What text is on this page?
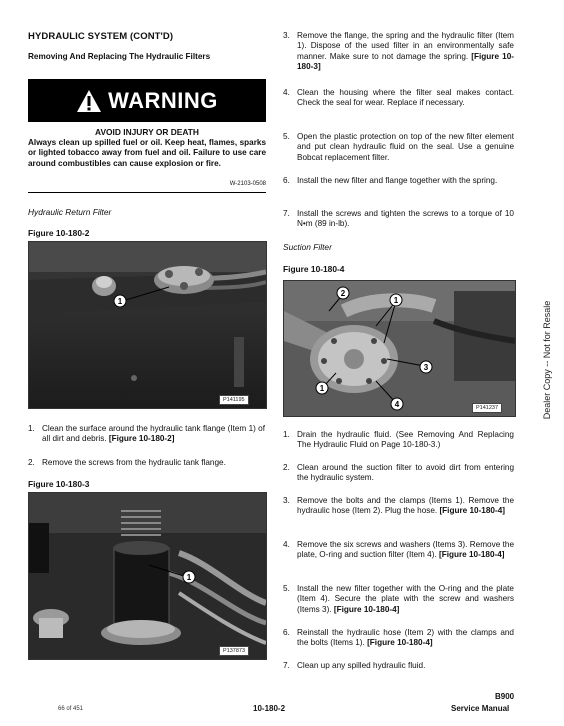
HYDRAULIC SYSTEM (CONT'D)
Removing And Replacing The Hydraulic Filters
WARNING
AVOID INJURY OR DEATH
Always clean up spilled fuel or oil. Keep heat, flames, sparks or lighted tobacco away from fuel and oil. Failure to use care around combustibles can cause explosion or fire.
W-2103-0508
Hydraulic Return Filter
Figure 10-180-2
1
P141195
1. Clean the surface around the hydraulic tank flange (Item 1) of all dirt and debris. [Figure 10-180-2]
2. Remove the screws from the hydraulic tank flange.
Figure 10-180-3
1
P137873
3. Remove the flange, the spring and the hydraulic filter (Item 1). Dispose of the used filter in an environmentally safe manner. Make sure to not damage the spring. [Figure 10-180-3]
4. Clean the housing where the filter seal makes contact. Check the seal for wear. Replace if necessary.
5. Open the plastic protection on top of the new filter element and put clean hydraulic fluid on the seal. Use a genuine Bobcat replacement filter.
6. Install the new filter and flange together with the spring.
7. Install the screws and tighten the screws to a torque of 10 N•m (89 in-lb).
Suction Filter
Figure 10-180-4
2
1
3
1
4	P141237
1. Drain the hydraulic fluid. (See Removing And Replacing The Hydraulic Fluid on Page 10-180-3.)
2. Clean around the suction filter to avoid dirt from entering the hydraulic system.
3. Remove the bolts and the clamps (Items 1). Remove the hydraulic hose (Item 2). Plug the hose. [Figure 10-180-4]
4. Remove the six screws and washers (Items 3). Remove the plate, O-ring and suction filter (Item 4). [Figure 10-180-4]
5. Install the new filter together with the O-ring and the plate (Item 4). Secure the plate with the screw and washers (Items 3). [Figure 10-180-4]
6. Reinstall the hydraulic hose (Item 2) with the clamps and the bolts (Items 1). [Figure 10-180-4]
7. Clean up any spilled hydraulic fluid.
Dealer Copy -- Not for Resale
66 of 451	10-180-2
B900
Service Manual
